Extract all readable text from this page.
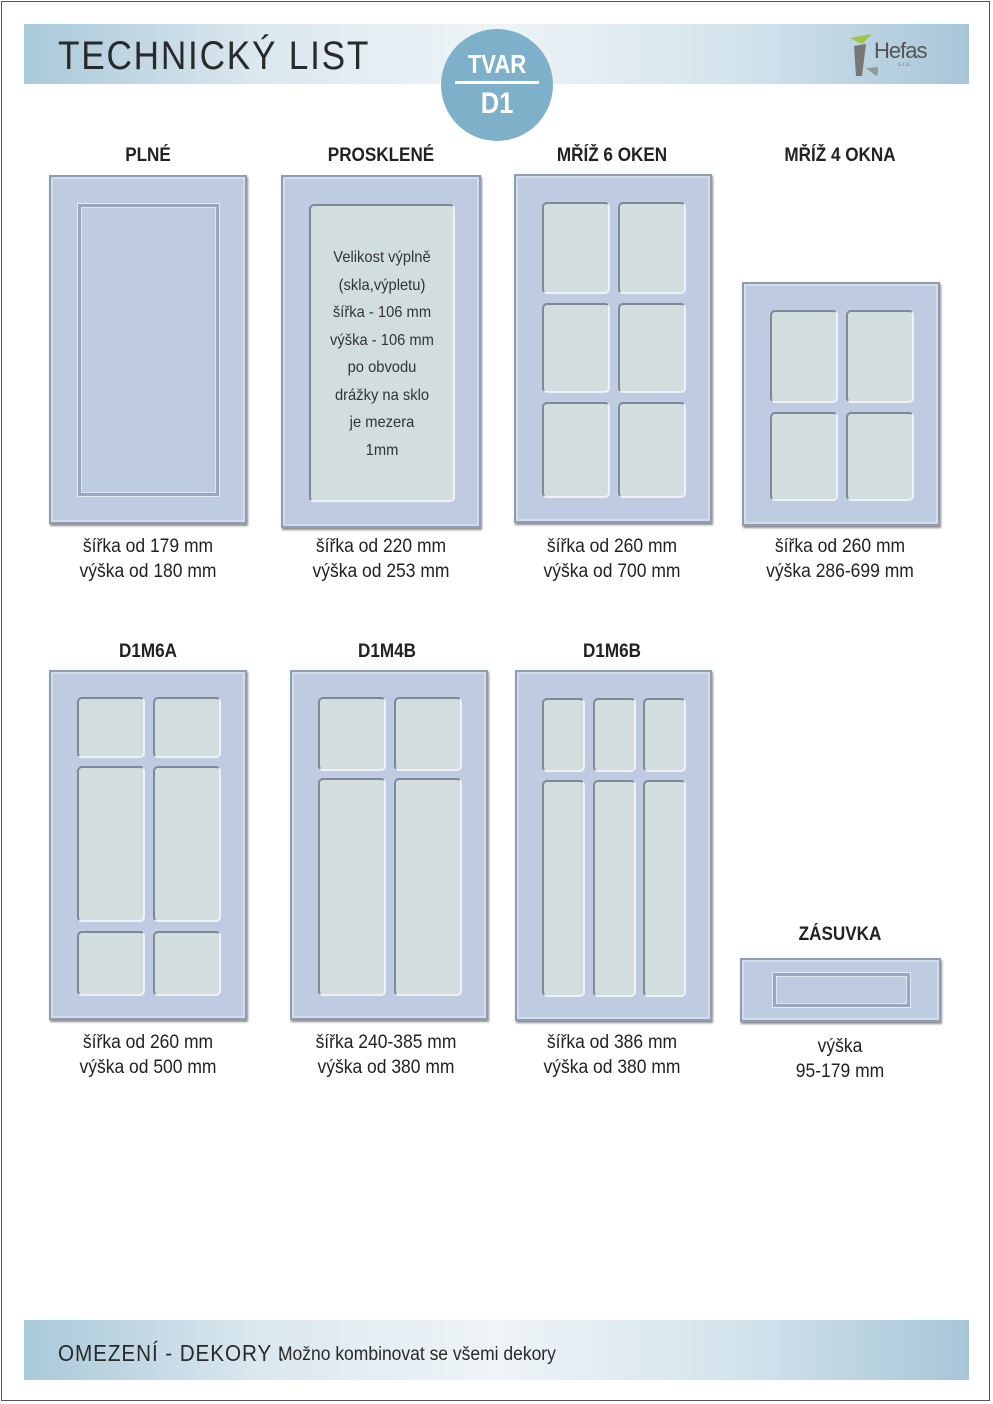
TECHNICKÝ LIST	Hefas
s.r.o.
TVAR
D1
PLNÉ
šířka od 179 mm
výška od 180 mm
PROSKLENÉ
Velikost výplně
(skla,výpletu)
šířka - 106 mm
výška - 106 mm
po obvodu
drážky na sklo
je mezera
1mm
šířka od 220 mm
výška od 253 mm
MŘÍŽ 6 OKEN
šířka od 260 mm
výška od 700 mm
MŘÍŽ 4 OKNA
šířka od 260 mm
výška 286-699 mm
D1M6A
šířka od 260 mm
výška od 500 mm
D1M4B
šířka 240-385 mm
výška od 380 mm
D1M6B
šířka od 386 mm
výška od 380 mm
ZÁSUVKA
výška
95-179 mm
OMEZENÍ - DEKORY :
Možno kombinovat se všemi dekory
